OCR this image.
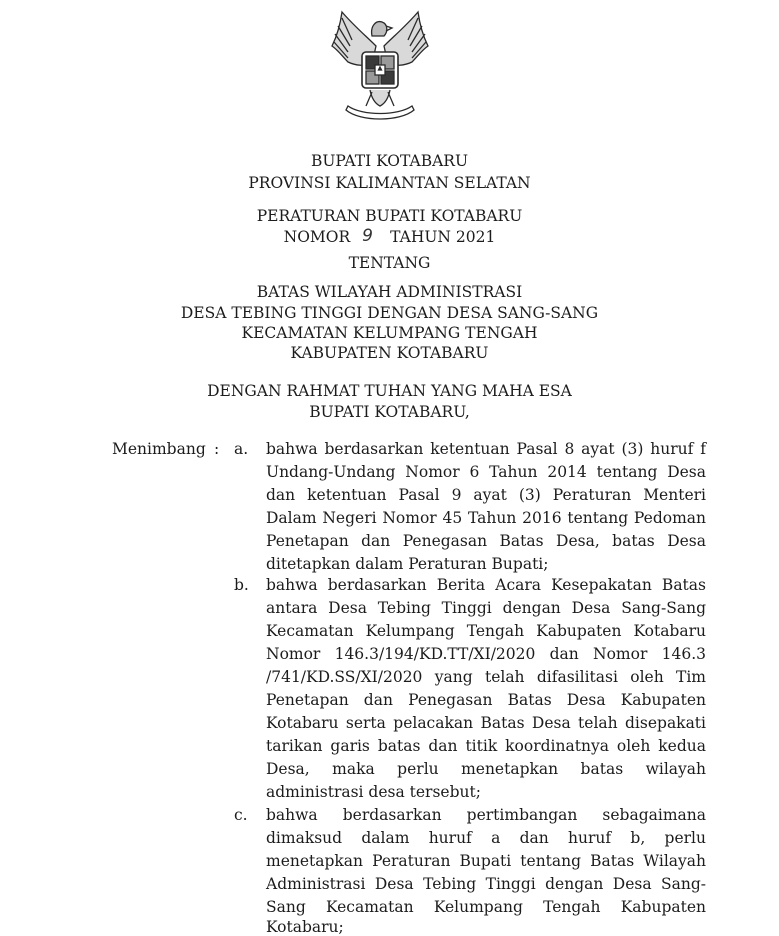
BUPATI KOTABARU
PROVINSI KALIMANTAN SELATAN
PERATURAN BUPATI KOTABARU
NOMOR 9 TAHUN 2021
TENTANG
BATAS WILAYAH ADMINISTRASI
DESA TEBING TINGGI DENGAN DESA SANG-SANG
KECAMATAN KELUMPANG TENGAH
KABUPATEN KOTABARU
DENGAN RAHMAT TUHAN YANG MAHA ESA
BUPATI KOTABARU,
Menimbang : a. bahwa berdasarkan ketentuan Pasal 8 ayat (3) huruf f
Undang-Undang Nomor 6 Tahun 2014 tentang Desa
dan ketentuan Pasal 9 ayat (3) Peraturan Menteri
Dalam Negeri Nomor 45 Tahun 2016 tentang Pedoman
Penetapan dan Penegasan Batas Desa, batas Desa
ditetapkan dalam Peraturan Bupati;
b. bahwa berdasarkan Berita Acara Kesepakatan Batas
antara Desa Tebing Tinggi dengan Desa Sang-Sang
Kecamatan Kelumpang Tengah Kabupaten Kotabaru
Nomor 146.3/194/KD.TT/XI/2020 dan Nomor 146.3
/741/KD.SS/XI/2020 yang telah difasilitasi oleh Tim
Penetapan dan Penegasan Batas Desa Kabupaten
Kotabaru serta pelacakan Batas Desa telah disepakati
tarikan garis batas dan titik koordinatnya oleh kedua
Desa, maka perlu menetapkan batas wilayah
administrasi desa tersebut;
c. bahwa berdasarkan pertimbangan sebagaimana
dimaksud dalam huruf a dan huruf b, perlu
menetapkan Peraturan Bupati tentang Batas Wilayah
Administrasi Desa Tebing Tinggi dengan Desa Sang-
Sang Kecamatan Kelumpang Tengah Kabupaten
Kotabaru;
